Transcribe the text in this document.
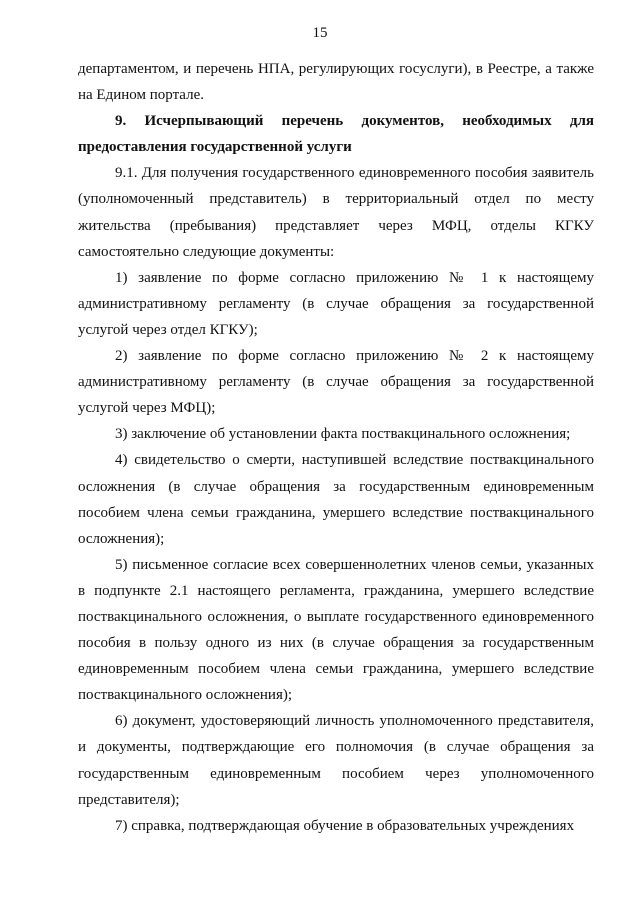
15

департаментом, и перечень НПА, регулирующих госуслуги), в Реестре, а также на Едином портале.

9. Исчерпывающий перечень документов, необходимых для предоставления государственной услуги

9.1. Для получения государственного единовременного пособия заявитель (уполномоченный представитель) в территориальный отдел по месту жительства (пребывания) представляет через МФЦ, отделы КГКУ самостоятельно следующие документы:

1) заявление по форме согласно приложению № 1 к настоящему административному регламенту (в случае обращения за государственной услугой через отдел КГКУ);

2) заявление по форме согласно приложению № 2 к настоящему административному регламенту (в случае обращения за государственной услугой через МФЦ);

3) заключение об установлении факта поствакцинального осложнения;

4) свидетельство о смерти, наступившей вследствие поствакцинального осложнения (в случае обращения за государственным единовременным пособием члена семьи гражданина, умершего вследствие поствакцинального осложнения);

5) письменное согласие всех совершеннолетних членов семьи, указанных в подпункте 2.1 настоящего регламента, гражданина, умершего вследствие поствакцинального осложнения, о выплате государственного единовременного пособия в пользу одного из них (в случае обращения за государственным единовременным пособием члена семьи гражданина, умершего вследствие поствакцинального осложнения);

6) документ, удостоверяющий личность уполномоченного представителя, и документы, подтверждающие его полномочия (в случае обращения за государственным единовременным пособием через уполномоченного представителя);

7) справка, подтверждающая обучение в образовательных учреждениях
